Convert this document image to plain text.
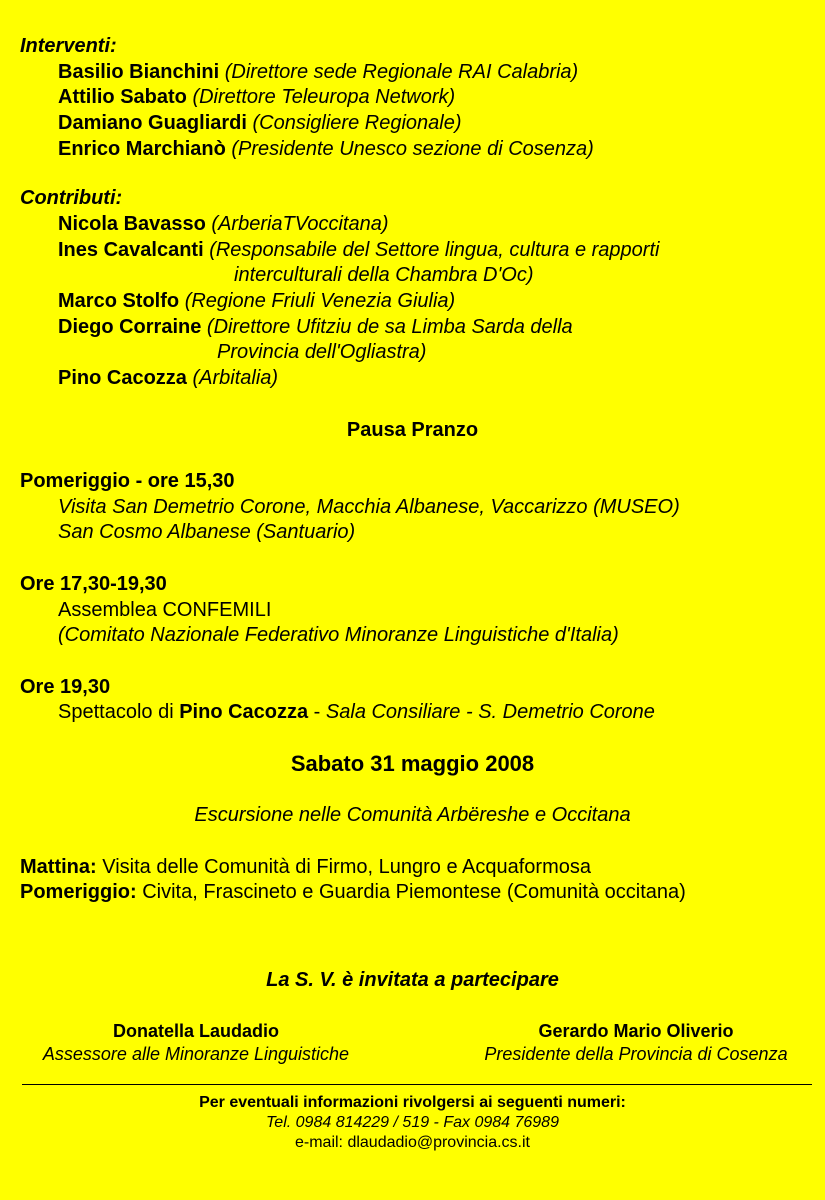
Interventi:
Basilio Bianchini (Direttore sede Regionale RAI Calabria)
Attilio Sabato (Direttore Teleuropa Network)
Damiano Guagliardi (Consigliere Regionale)
Enrico Marchianò (Presidente Unesco sezione di Cosenza)
Contributi:
Nicola Bavasso (ArberiaTVoccitana)
Ines Cavalcanti (Responsabile del Settore lingua, cultura e rapporti
interculturali della Chambra D'Oc)
Marco Stolfo (Regione Friuli Venezia Giulia)
Diego Corraine (Direttore Ufitziu de sa Limba Sarda della
Provincia dell'Ogliastra)
Pino Cacozza (Arbitalia)
Pausa Pranzo
Pomeriggio - ore 15,30
Visita San Demetrio Corone, Macchia Albanese, Vaccarizzo (MUSEO)
San Cosmo Albanese (Santuario)
Ore 17,30-19,30
Assemblea CONFEMILI
(Comitato Nazionale Federativo Minoranze Linguistiche d'Italia)
Ore 19,30
Spettacolo di Pino Cacozza - Sala Consiliare - S. Demetrio Corone
Sabato 31 maggio 2008
Escursione nelle Comunità Arbëreshe e Occitana
Mattina: Visita delle Comunità di Firmo, Lungro e Acquaformosa
Pomeriggio: Civita, Frascineto e Guardia Piemontese (Comunità occitana)
La S. V. è invitata a partecipare
Donatella Laudadio
Assessore alle Minoranze Linguistiche
Gerardo Mario Oliverio
Presidente della Provincia di Cosenza
Per eventuali informazioni rivolgersi ai seguenti numeri:
Tel. 0984 814229 / 519 - Fax 0984 76989
e-mail: dlaudadio@provincia.cs.it
